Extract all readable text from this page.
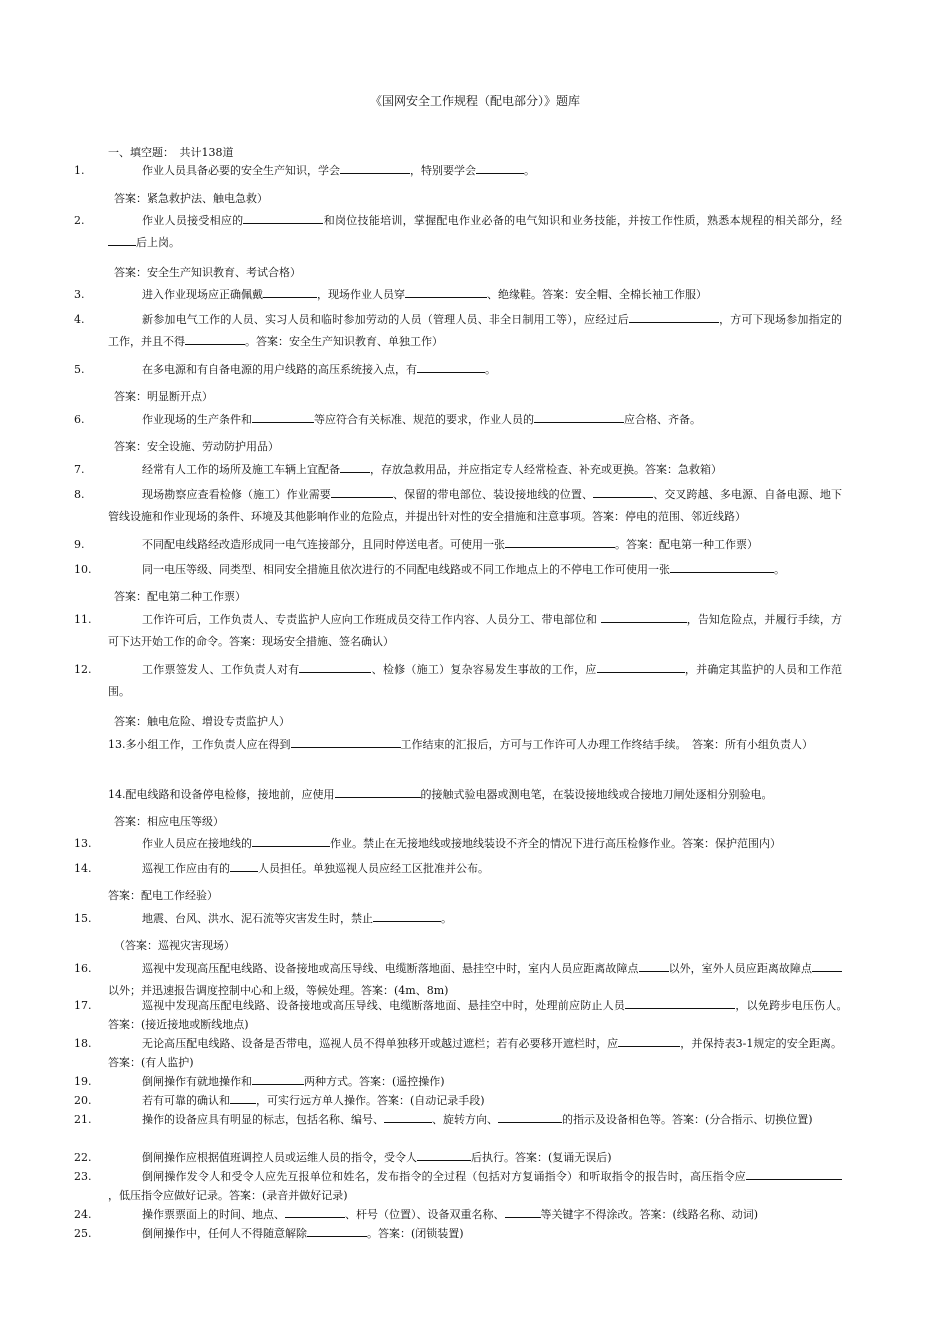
《国网安全工作规程（配电部分）》题库
一、填空题：　共计138道
1.	作业人员具备必要的安全生产知识，学会	，特别要学会	。
2.	作业人员接受相应的	和岗位技能培训，掌握配电作业必备的电气知识和业务技能，并按工作性质，熟悉本规程的相关部分，经后上岗。
3.	进入作业现场应正确佩戴	，现场作业人员穿	、绝缘鞋。答案：安全帽、全棉长袖工作服）
4.	新参加电气工作的人员、实习人员和临时参加劳动的人员（管理人员、非全日制用工等），应经过后	，方可下现场参加指定的工作，并且不得	。答案：安全生产知识教育、单独工作）
5.	在多电源和有自备电源的用户线路的高压系统接入点，有	。
6.	作业现场的生产条件和	等应符合有关标准、规范的要求，作业人员的	应合格、齐备。
7.	经常有人工作的场所及施工车辆上宜配备	，存放急救用品，并应指定专人经常检查、补充或更换。答案：急救箱）
8.	现场勘察应查看检修（施工）作业需要	、保留的带电部位、装设接地线的位置、	、交叉跨越、多电源、自备电源、地下管线设施和作业现场的条件、环境及其他影响作业的危险点，并提出针对性的安全措施和注意事项。答案：停电的范围、邻近线路）
9.	不同配电线路经改造形成同一电气连接部分，且同时停送电者。可使用一张	。答案：配电第一种工作票）
10.	同一电压等级、同类型、相同安全措施且依次进行的不同配电线路或不同工作地点上的不停电工作可使用一张	。
11.	工作许可后，工作负责人、专责监护人应向工作班成员交待工作内容、人员分工、带电部位和	，告知危险点，并履行手续，方可下达开始工作的命令。答案：现场安全措施、签名确认）
12.	工作票签发人、工作负责人对有	、检修（施工）复杂容易发生事故的工作，应	，并确定其监护的人员和工作范围。
13.多小组工作，工作负责人应在得到	工作结束的汇报后，方可与工作许可人办理工作终结手续。　答案：所有小组负责人）
14.配电线路和设备停电检修，接地前，应使用	的接触式验电器或测电笔，在装设接地线或合接地刀闸处逐相分别验电。
13.	作业人员应在接地线的	作业。禁止在无接地线或接地线装设不齐全的情况下进行高压检修作业。答案：保护范围内）
14.	巡视工作应由有的	人员担任。单独巡视人员应经工区批准并公布。
15.	地震、台风、洪水、泥石流等灾害发生时，禁止	。
16.	巡视中发现高压配电线路、设备接地或高压导线、电缆断落地面、悬挂空中时，室内人员应距离故障点	以外，室外人员应距离故障点以外；并迅速报告调度控制中心和上级，等候处理。答案：(4m、8m)
17.	巡视中发现高压配电线路、设备接地或高压导线、电缆断落地面、悬挂空中时，处理前应防止人员	，以免跨步电压伤人。　　答案：(接近接地或断线地点)
18.	无论高压配电线路、设备是否带电，巡视人员不得单独移开或越过遮栏；若有必要移开遮栏时，应	，并保持表3-1规定的安全距离。答案：(有人监护)
19.	倒闸操作有就地操作和	两种方式。答案：(遥控操作)
20.	若有可靠的确认和 ，可实行远方单人操作。答案：(自动记录手段)
21.	操作的设备应具有明显的标志，包括名称、编号、	、旋转方向、	的指示及设备相色等。答案：(分合指示、切换位置)
22.	倒闸操作应根据值班调控人员或运维人员的指令，受令人	后执行。答案：(复诵无误后)
23.	倒闸操作发令人和受令人应先互报单位和姓名，发布指令的全过程（包括对方复诵指令）和听取指令的报告时，高压指令应，低压指令应做好记录。答案：(录音并做好记录)
24.	操作票票面上的时间、地点、	、杆号（位置）、设备双重名称、	等关键字不得涂改。答案：(线路名称、动词)
25.	倒闸操作中，任何人不得随意解除	。答案：(闭锁装置)
答案：紧急救护法、触电急救）
答案：安全生产知识教育、考试合格）
答案：明显断开点）
答案：安全设施、劳动防护用品）
答案：配电第二种工作票）
答案：触电危险、增设专责监护人）
答案：相应电压等级）
答案：配电工作经验）
（答案：巡视灾害现场）
